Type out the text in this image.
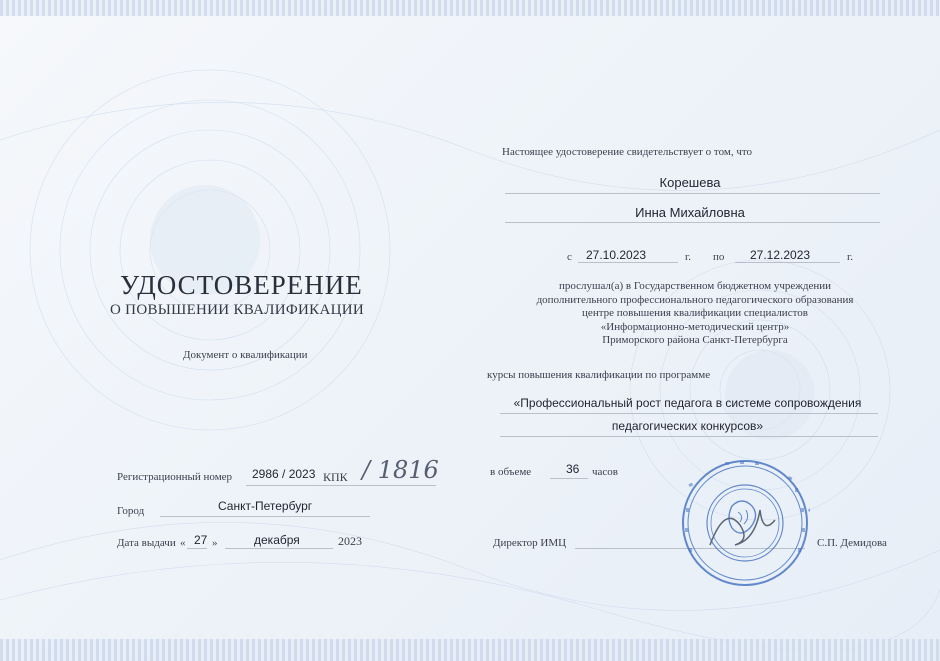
УДОСТОВЕРЕНИЕ
О ПОВЫШЕНИИ КВАЛИФИКАЦИИ
Документ о квалификации
Регистрационный номер 2986 / 2023 КПК / 1816
Город	Санкт-Петербург
Дата выдачи « 27 »	декабря	2023
Настоящее удостоверение свидетельствует о том, что
Корешева
Инна Михайловна
с 27.10.2023	г. по 27.12.2023	г.
прослушал(а) в Государственном бюджетном учреждении
дополнительного профессионального педагогического образования
центре повышения квалификации специалистов
«Информационно-методический центр»
Приморского района Санкт-Петербурга
курсы повышения квалификации по программе
«Профессиональный рост педагога в системе сопровождения
педагогических конкурсов»
в объеме	36 часов
Директор ИМЦ	С.П. Демидова
